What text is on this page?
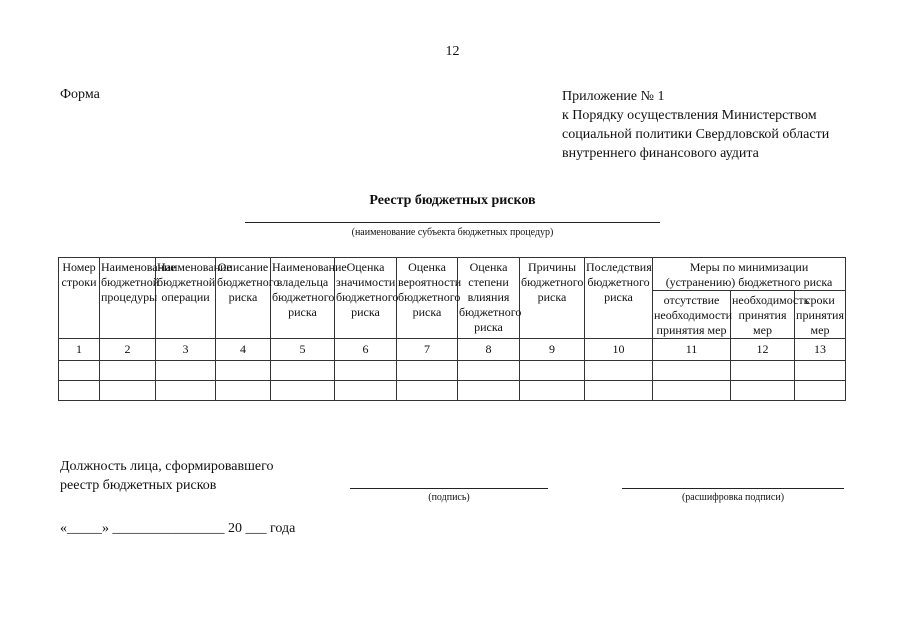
12
Форма	Приложение № 1
к Порядку осуществления Министерством
социальной политики Свердловской области
внутреннего финансового аудита
Реестр бюджетных рисков
(наименование субъекта бюджетных процедур)
Номер строки	Наименование бюджетной процедуры	Наименование бюджетной операции	Описание бюджетного риска	Наименование владельца бюджетного риска	Оценка значимости бюджетного риска	Оценка вероятности бюджетного риска	Оценка степени влияния бюджетного риска	Причины бюджетного риска	Последствия бюджетного риска	Меры по минимизации (устранению) бюджетного риска		
										отсутствие необходимости принятия мер	необходимость принятия мер	сроки принятия мер
1	2	3	4	5	6	7	8	9	10	11	12	13

Должность лица, сформировавшего
реестр бюджетных рисков
(подпись)	(расшифровка подписи)
«_____» ________________ 20 ___ года
